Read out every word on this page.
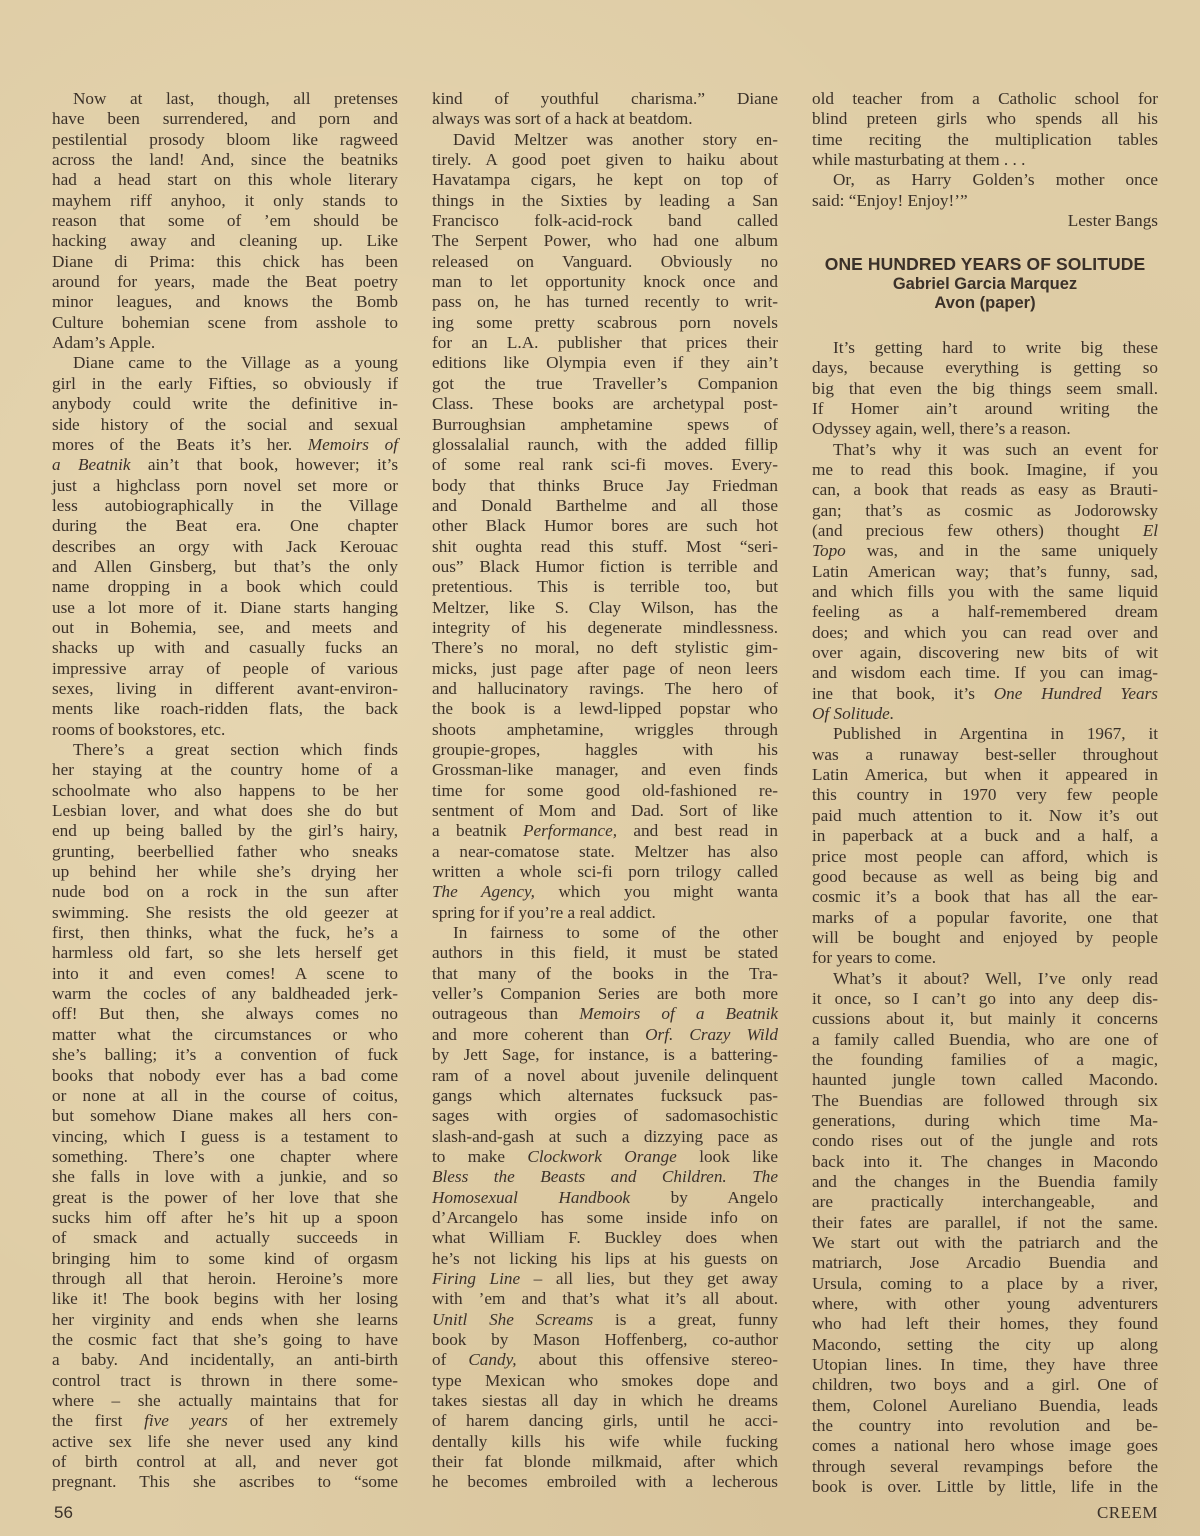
Now at last, though, all pretenses
have been surrendered, and porn and
pestilential prosody bloom like ragweed
across the land! And, since the beatniks
had a head start on this whole literary
mayhem riff anyhoo, it only stands to
reason that some of ’em should be
hacking away and cleaning up. Like
Diane di Prima: this chick has been
around for years, made the Beat poetry
minor leagues, and knows the Bomb
Culture bohemian scene from asshole to
Adam’s Apple.
Diane came to the Village as a young
girl in the early Fifties, so obviously if
anybody could write the definitive in-
side history of the social and sexual
mores of the Beats it’s her. Memoirs of
a Beatnik ain’t that book, however; it’s
just a highclass porn novel set more or
less autobiographically in the Village
during the Beat era. One chapter
describes an orgy with Jack Kerouac
and Allen Ginsberg, but that’s the only
name dropping in a book which could
use a lot more of it. Diane starts hanging
out in Bohemia, see, and meets and
shacks up with and casually fucks an
impressive array of people of various
sexes, living in different avant-environ-
ments like roach-ridden flats, the back
rooms of bookstores, etc.
There’s a great section which finds
her staying at the country home of a
schoolmate who also happens to be her
Lesbian lover, and what does she do but
end up being balled by the girl’s hairy,
grunting, beerbellied father who sneaks
up behind her while she’s drying her
nude bod on a rock in the sun after
swimming. She resists the old geezer at
first, then thinks, what the fuck, he’s a
harmless old fart, so she lets herself get
into it and even comes! A scene to
warm the cocles of any baldheaded jerk-
off! But then, she always comes no
matter what the circumstances or who
she’s balling; it’s a convention of fuck
books that nobody ever has a bad come
or none at all in the course of coitus,
but somehow Diane makes all hers con-
vincing, which I guess is a testament to
something. There’s one chapter where
she falls in love with a junkie, and so
great is the power of her love that she
sucks him off after he’s hit up a spoon
of smack and actually succeeds in
bringing him to some kind of orgasm
through all that heroin. Heroine’s more
like it! The book begins with her losing
her virginity and ends when she learns
the cosmic fact that she’s going to have
a baby. And incidentally, an anti-birth
control tract is thrown in there some-
where – she actually maintains that for
the first five years of her extremely
active sex life she never used any kind
of birth control at all, and never got
pregnant. This she ascribes to “some
kind of youthful charisma.” Diane
always was sort of a hack at beatdom.
David Meltzer was another story en-
tirely. A good poet given to haiku about
Havatampa cigars, he kept on top of
things in the Sixties by leading a San
Francisco folk-acid-rock band called
The Serpent Power, who had one album
released on Vanguard. Obviously no
man to let opportunity knock once and
pass on, he has turned recently to writ-
ing some pretty scabrous porn novels
for an L.A. publisher that prices their
editions like Olympia even if they ain’t
got the true Traveller’s Companion
Class. These books are archetypal post-
Burroughsian amphetamine spews of
glossalalial raunch, with the added fillip
of some real rank sci-fi moves. Every-
body that thinks Bruce Jay Friedman
and Donald Barthelme and all those
other Black Humor bores are such hot
shit oughta read this stuff. Most “seri-
ous” Black Humor fiction is terrible and
pretentious. This is terrible too, but
Meltzer, like S. Clay Wilson, has the
integrity of his degenerate mindlessness.
There’s no moral, no deft stylistic gim-
micks, just page after page of neon leers
and hallucinatory ravings. The hero of
the book is a lewd-lipped popstar who
shoots amphetamine, wriggles through
groupie-gropes, haggles with his
Grossman-like manager, and even finds
time for some good old-fashioned re-
sentment of Mom and Dad. Sort of like
a beatnik Performance, and best read in
a near-comatose state. Meltzer has also
written a whole sci-fi porn trilogy called
The Agency, which you might wanta
spring for if you’re a real addict.
In fairness to some of the other
authors in this field, it must be stated
that many of the books in the Tra-
veller’s Companion Series are both more
outrageous than Memoirs of a Beatnik
and more coherent than Orf. Crazy Wild
by Jett Sage, for instance, is a battering-
ram of a novel about juvenile delinquent
gangs which alternates fucksuck pas-
sages with orgies of sadomasochistic
slash-and-gash at such a dizzying pace as
to make Clockwork Orange look like
Bless the Beasts and Children. The
Homosexual Handbook by Angelo
d’Arcangelo has some inside info on
what William F. Buckley does when
he’s not licking his lips at his guests on
Firing Line – all lies, but they get away
with ’em and that’s what it’s all about.
Unitl She Screams is a great, funny
book by Mason Hoffenberg, co-author
of Candy, about this offensive stereo-
type Mexican who smokes dope and
takes siestas all day in which he dreams
of harem dancing girls, until he acci-
dentally kills his wife while fucking
their fat blonde milkmaid, after which
he becomes embroiled with a lecherous
old teacher from a Catholic school for
blind preteen girls who spends all his
time reciting the multiplication tables
while masturbating at them . . .
Or, as Harry Golden’s mother once
said: “Enjoy! Enjoy!’”
Lester Bangs
ONE HUNDRED YEARS OF SOLITUDE
Gabriel Garcia Marquez
Avon (paper)
It’s getting hard to write big these
days, because everything is getting so
big that even the big things seem small.
If Homer ain’t around writing the
Odyssey again, well, there’s a reason.
That’s why it was such an event for
me to read this book. Imagine, if you
can, a book that reads as easy as Brauti-
gan; that’s as cosmic as Jodorowsky
(and precious few others) thought El
Topo was, and in the same uniquely
Latin American way; that’s funny, sad,
and which fills you with the same liquid
feeling as a half-remembered dream
does; and which you can read over and
over again, discovering new bits of wit
and wisdom each time. If you can imag-
ine that book, it’s One Hundred Years
Of Solitude.
Published in Argentina in 1967, it
was a runaway best-seller throughout
Latin America, but when it appeared in
this country in 1970 very few people
paid much attention to it. Now it’s out
in paperback at a buck and a half, a
price most people can afford, which is
good because as well as being big and
cosmic it’s a book that has all the ear-
marks of a popular favorite, one that
will be bought and enjoyed by people
for years to come.
What’s it about? Well, I’ve only read
it once, so I can’t go into any deep dis-
cussions about it, but mainly it concerns
a family called Buendia, who are one of
the founding families of a magic,
haunted jungle town called Macondo.
The Buendias are followed through six
generations, during which time Ma-
condo rises out of the jungle and rots
back into it. The changes in Macondo
and the changes in the Buendia family
are practically interchangeable, and
their fates are parallel, if not the same.
We start out with the patriarch and the
matriarch, Jose Arcadio Buendia and
Ursula, coming to a place by a river,
where, with other young adventurers
who had left their homes, they found
Macondo, setting the city up along
Utopian lines. In time, they have three
children, two boys and a girl. One of
them, Colonel Aureliano Buendia, leads
the country into revolution and be-
comes a national hero whose image goes
through several revampings before the
book is over. Little by little, life in the
56	CREEM
